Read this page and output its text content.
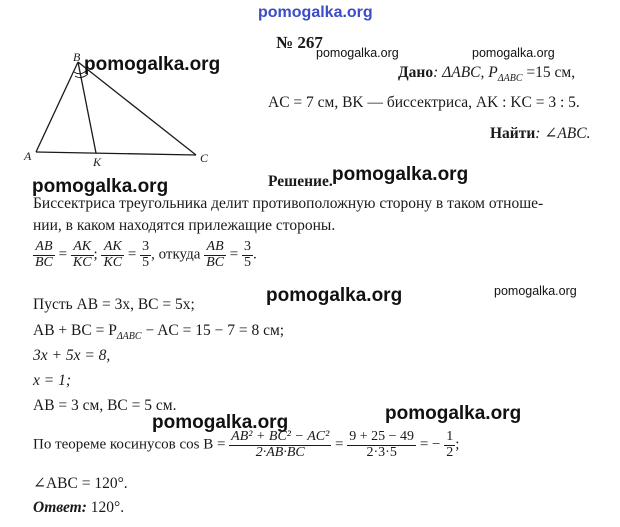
pomogalka.org
№ 267
B
A	K	C
pomogalka.org
pomogalka.org	pomogalka.org
pomogalka.org
pomogalka.org
pomogalka.org	pomogalka.org
pomogalka.org	pomogalka.org
Дано: ΔABC, $P_{\Delta ABC} =15$ см,
AC = 7 см, BK — биссектриса, AK : KC = 3 : 5.
Найти: ∠ABC.
Решение.
Биссектриса треугольника делит противоположную сторону в таком отноше-
нии, в каком находятся прилежащие стороны.
$\frac{AB}{BC} = \frac{AK}{KC}$ ; $\frac{AK}{KC} = \frac{3}{5}$ , откуда $\frac{AB}{BC} = \frac{3}{5}$ .
Пусть AB = 3x, BC = 5x;
AB + BC = $P_{\Delta ABC}$ − AC = 15 − 7 = 8 см;
3x + 5x = 8,
x = 1;
AB = 3 см, BC = 5 см.
По теореме косинусов $\cos B = \frac{\text{AB² + BC² − AC²}}{2\cdot AB\cdot BC} = \frac{9 + 25 - 49}{2\cdot 3\cdot 5}$ = − $\frac{1}{2}$ ;
∠ABC = 120°.
Ответ: 120°.
